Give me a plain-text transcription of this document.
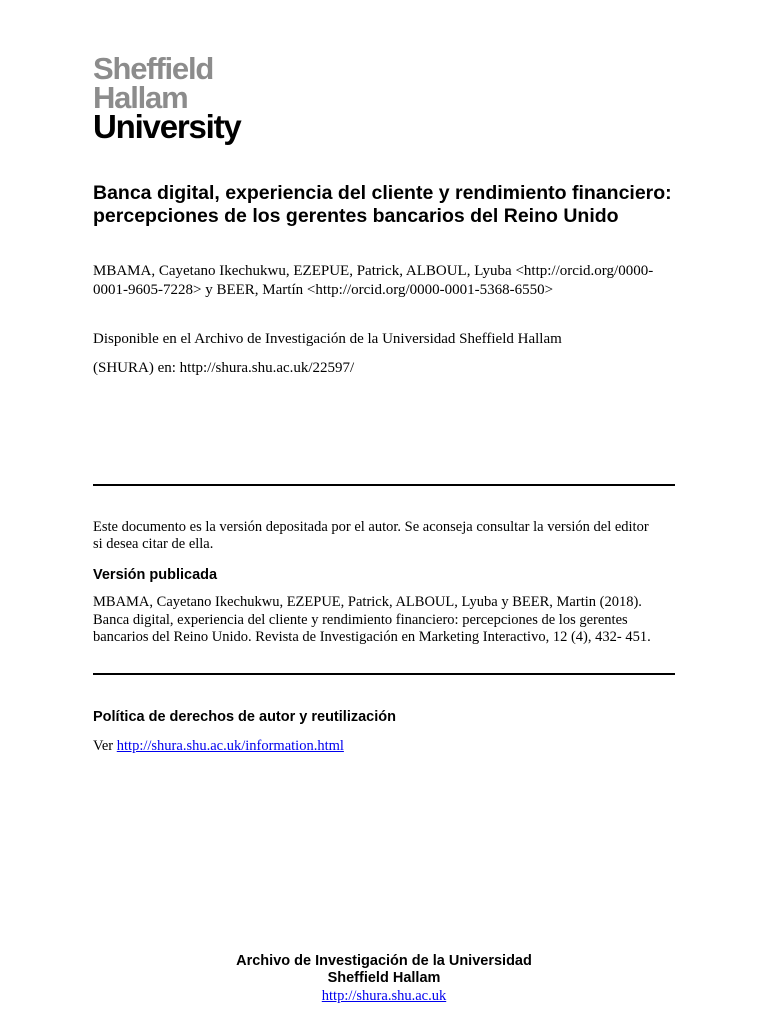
Sheffield
Hallam
University
Banca digital, experiencia del cliente y rendimiento financiero: percepciones de los gerentes bancarios del Reino Unido
MBAMA, Cayetano Ikechukwu, EZEPUE, Patrick, ALBOUL, Lyuba <http://orcid.org/0000-0001-9605-7228> y BEER, Martín <http://orcid.org/0000-0001-5368-6550>
Disponible en el Archivo de Investigación de la Universidad Sheffield Hallam
(SHURA) en: http://shura.shu.ac.uk/22597/
Este documento es la versión depositada por el autor. Se aconseja consultar la versión del editor si desea citar de ella.
Versión publicada
MBAMA, Cayetano Ikechukwu, EZEPUE, Patrick, ALBOUL, Lyuba y BEER, Martin (2018). Banca digital, experiencia del cliente y rendimiento financiero: percepciones de los gerentes bancarios del Reino Unido. Revista de Investigación en Marketing Interactivo, 12 (4), 432- 451.
Política de derechos de autor y reutilización
Ver http://shura.shu.ac.uk/information.html
Archivo de Investigación de la Universidad
Sheffield Hallam
http://shura.shu.ac.uk
